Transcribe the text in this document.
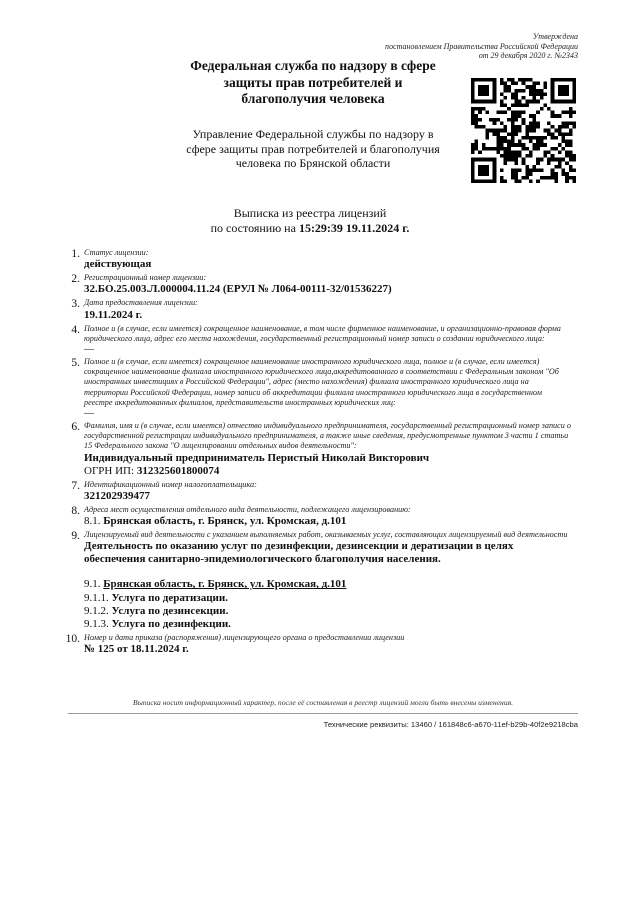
Утверждена
постановлением Правительства Российской Федерации
от 29 декабря 2020 г. №2343
Федеральная служба по надзору в сфере защиты прав потребителей и благополучия человека
Управление Федеральной службы по надзору в сфере защиты прав потребителей и благополучия человека по Брянской области
Выписка из реестра лицензий
по состоянию на 15:29:39 19.11.2024 г.
1. Статус лицензии:
действующая
2. Регистрационный номер лицензии:
32.БО.25.003.Л.000004.11.24 (ЕРУЛ № Л064-00111-32/01536227)
3. Дата предоставления лицензии:
19.11.2024 г.
4. Полное и (в случае, если имеется) сокращенное наименование, в том числе фирменное наименование, и организационно-правовая форма юридического лица, адрес его места нахождения, государственный регистрационный номер записи о создании юридического лица:
—
5. Полное и (в случае, если имеется) сокращенное наименование иностранного юридического лица, полное и (в случае, если имеется) сокращенное наименование филиала иностранного юридического лица,аккредитованного в соответствии с Федеральным законом "Об иностранных инвестициях в Российской Федерации", адрес (место нахождения) филиала иностранного юридического лица на территории Российской Федерации, номер записи об аккредитации филиала иностранного юридического лица в государственном реестре аккредитованных филиалов, представительств иностранных юридических лиц:
—
6. Фамилия, имя и (в случае, если имеется) отчество индивидуального предпринимателя, государственный регистрационный номер записи о государственной регистрации индивидуального предпринимателя, а также иные сведения, предусмотренные пунктом 3 части 1 статьи 15 Федерального закона "О лицензировании отдельных видов деятельности":
Индивидуальный предприниматель Перистый Николай Викторович
ОГРН ИП: 312325601800074
7. Идентификационный номер налогоплательщика:
321202939477
8. Адреса мест осуществления отдельного вида деятельности, подлежащего лицензированию:
8.1. Брянская область, г. Брянск, ул. Кромская, д.101
9. Лицензируемый вид деятельности с указанием выполняемых работ, оказываемых услуг, составляющих лицензируемый вид деятельности
Деятельность по оказанию услуг по дезинфекции, дезинсекции и дератизации в целях обеспечения санитарно-эпидемиологического благополучия населения.
9.1. Брянская область, г. Брянск, ул. Кромская, д.101
9.1.1. Услуга по дератизации.
9.1.2. Услуга по дезинсекции.
9.1.3. Услуга по дезинфекции.
10. Номер и дата приказа (распоряжения) лицензирующего органа о предоставлении лицензии
№ 125 от 18.11.2024 г.
Выписка носит информационный характер, после её составления в реестр лицензий могли быть внесены изменения.
Технические реквизиты: 13460 / 161848c6-a670-11ef-b29b-40f2e9218cba
